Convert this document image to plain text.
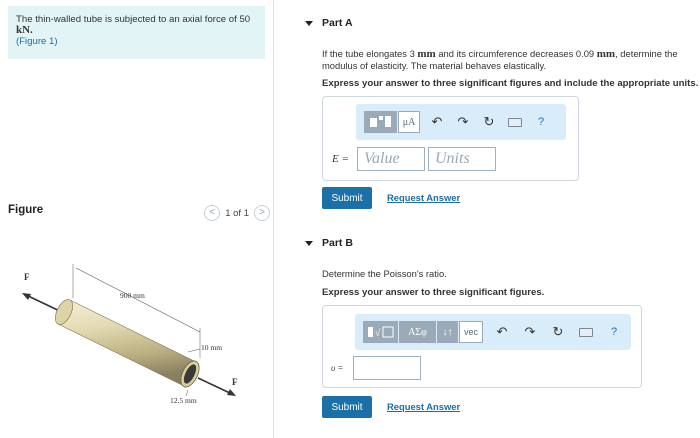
The thin-walled tube is subjected to an axial force of 50
kN.
(Figure 1)
Figure	<	1 of 1	>
F
F
900 mm
10 mm
12.5 mm
Part A
If the tube elongates 3 mm and its circumference decreases 0.09 mm, determine the
modulus of elasticity. The material behaves elastically.
Express your answer to three significant figures and include the appropriate units.
μA	↶	↷	↻	?
E = Value	Units
Submit	Request Answer
Part B
Determine the Poisson's ratio.
Express your answer to three significant figures.
√	ΑΣφ	↓↑	vec	↶	↷	↻	?
υ =
Submit	Request Answer
